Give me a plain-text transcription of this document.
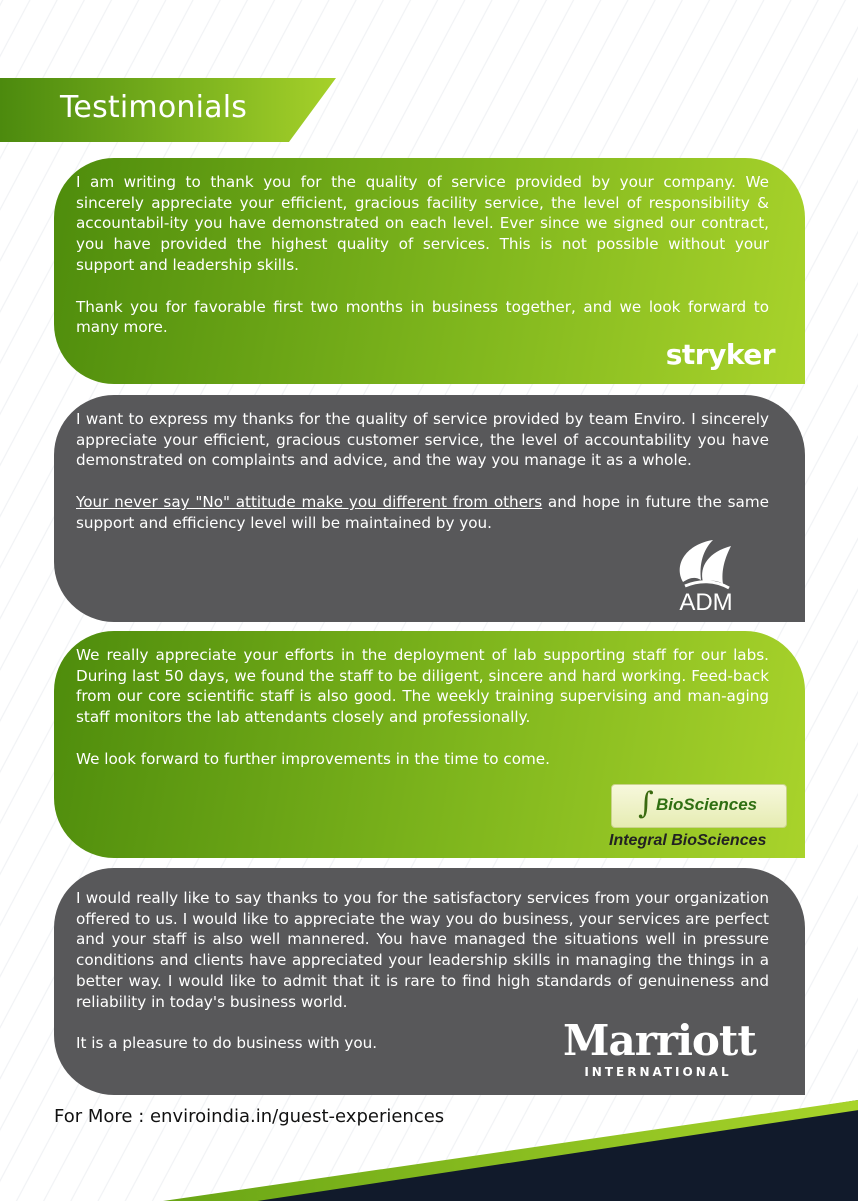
Testimonials

I am writing to thank you for the quality of service provided by your company. We sincerely appreciate your efficient, gracious facility service, the level of responsibility & accountabil-ity you have demonstrated on each level. Ever since we signed our contract, you have provided the highest quality of services. This is not possible without your support and leadership skills.

Thank you for favorable first two months in business together, and we look forward to many more.

stryker

I want to express my thanks for the quality of service provided by team Enviro. I sincerely appreciate your efficient, gracious customer service, the level of accountability you have demonstrated on complaints and advice, and the way you manage it as a whole.

Your never say "No" attitude make you different from others and hope in future the same support and efficiency level will be maintained by you.

ADM

We really appreciate your efforts in the deployment of lab supporting staff for our labs. During last 50 days, we found the staff to be diligent, sincere and hard working. Feed-back from our core scientific staff is also good. The weekly training supervising and man-aging staff monitors the lab attendants closely and professionally.

We look forward to further improvements in the time to come.

∫ BioSciences
Integral BioSciences

I would really like to say thanks to you for the satisfactory services from your organization offered to us. I would like to appreciate the way you do business, your services are perfect and your staff is also well mannered. You have managed the situations well in pressure conditions and clients have appreciated your leadership skills in managing the things in a better way. I would like to admit that it is rare to find high standards of genuineness and reliability in today's business world.

It is a pleasure to do business with you.	Marriott
INTERNATIONAL
For More : enviroindia.in/guest-experiences
